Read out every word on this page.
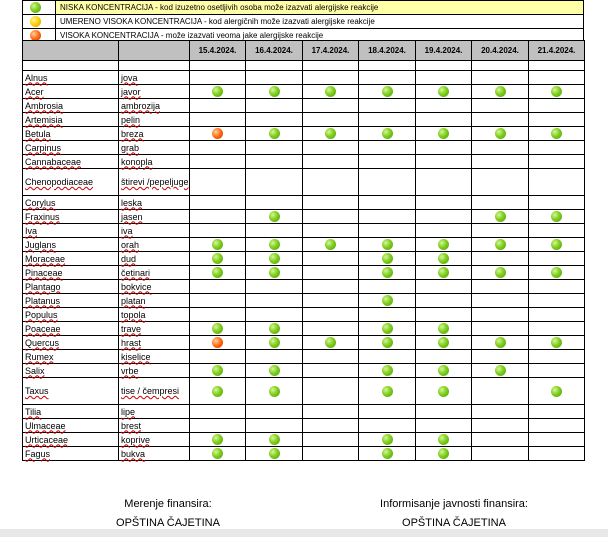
	NISKA KONCENTRACIJA - kod izuzetno osetljivih osoba može izazvati alergijske reakcije
	UMERENO VISOKA KONCENTRACIJA - kod alergičnih može izazvati alergijske reakcije
	VISOKA KONCENTRACIJA - može izazvati veoma jake alergijske reakcije
		15.4.2024.	16.4.2024.	17.4.2024.	18.4.2024.	19.4.2024.	20.4.2024.	21.4.2024.

Alnus	jova							
Acer	javor							
Ambrosia	ambrozija							
Artemisia	pelin							
Betula	breza							
Carpinus	grab							
Cannabaceae	konopla							
Chenopodiaceae	štirevi /pepeljuge							
Corylus	leska							
Fraxinus	jasen							
Iva	iva							
Juglans	orah							
Moraceae	dud							
Pinaceae	četinari							
Plantago	bokvice							
Platanus	platan							
Populus	topola							
Poaceae	trave							
Quercus	hrast							
Rumex	kiselice							
Salix	vrbe							
Taxus	tise / čempresi							
Tilia	lipe							
Ulmaceae	brest							
Urticaceae	koprive							
Fagus	bukva							
Merenje finansira:
OPŠTINA ČAJETINA
Informisanje javnosti finansira:
OPŠTINA ČAJETINA
